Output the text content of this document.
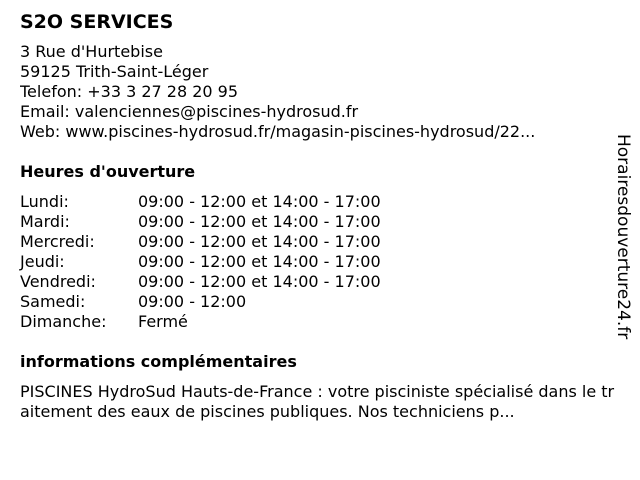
S2O SERVICES
3 Rue d'Hurtebise
59125 Trith-Saint-Léger
Telefon: +33 3 27 28 20 95
Email: valenciennes@piscines-hydrosud.fr
Web: www.piscines-hydrosud.fr/magasin-piscines-hydrosud/22...
Heures d'ouverture
Lundi:	09:00 - 12:00 et 14:00 - 17:00
Mardi:	09:00 - 12:00 et 14:00 - 17:00
Mercredi:	09:00 - 12:00 et 14:00 - 17:00
Jeudi:	09:00 - 12:00 et 14:00 - 17:00
Vendredi:	09:00 - 12:00 et 14:00 - 17:00
Samedi:	09:00 - 12:00
Dimanche:	Fermé
informations complémentaires
PISCINES HydroSud Hauts-de-France : votre pisciniste spécialisé dans le traitement des eaux de piscines publiques. Nos techniciens p...
Horairesdouverture24.fr
